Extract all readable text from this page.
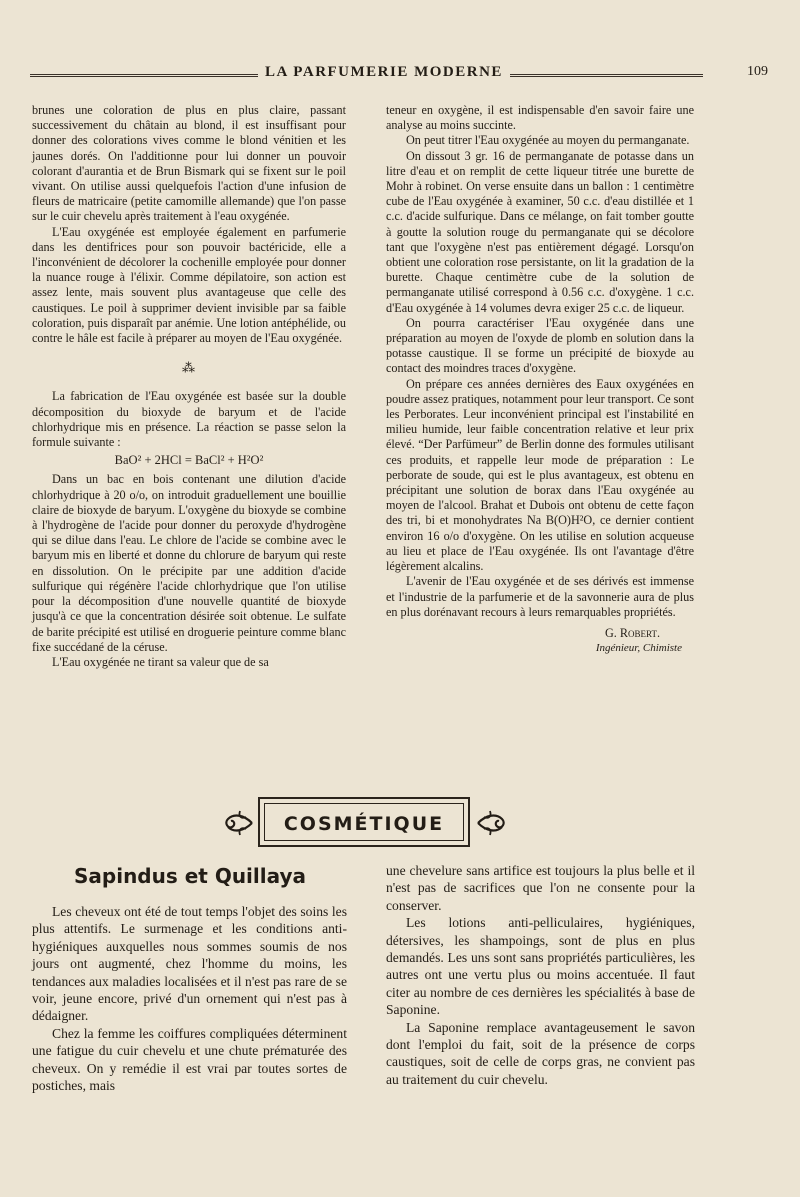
LA PARFUMERIE MODERNE	109

brunes une coloration de plus en plus claire, passant successivement du châtain au blond, il est insuffisant pour donner des colorations vives comme le blond vénitien et les jaunes dorés. On l'additionne pour lui donner un pouvoir colorant d'aurantia et de Brun Bismark qui se fixent sur le poil vivant. On utilise aussi quelquefois l'action d'une infusion de fleurs de matricaire (petite camomille allemande) que l'on passe sur le cuir chevelu après traitement à l'eau oxygénée.

L'Eau oxygénée est employée également en parfumerie dans les dentifrices pour son pouvoir bactéricide, elle a l'inconvénient de décolorer la cochenille employée pour donner la nuance rouge à l'élixir. Comme dépilatoire, son action est assez lente, mais souvent plus avantageuse que celle des caustiques. Le poil à supprimer devient invisible par sa faible coloration, puis disparaît par anémie. Une lotion antéphélide, ou contre le hâle est facile à préparer au moyen de l'Eau oxygénée.

⁂

La fabrication de l'Eau oxygénée est basée sur la double décomposition du bioxyde de baryum et de l'acide chlorhydrique mis en présence. La réaction se passe selon la formule suivante :

BaO² + 2HCl = BaCl² + H²O²

Dans un bac en bois contenant une dilution d'acide chlorhydrique à 20 o/o, on introduit graduellement une bouillie claire de bioxyde de baryum. L'oxygène du bioxyde se combine à l'hydrogène de l'acide pour donner du peroxyde d'hydrogène qui se dilue dans l'eau. Le chlore de l'acide se combine avec le baryum mis en liberté et donne du chlorure de baryum qui reste en dissolution. On le précipite par une addition d'acide sulfurique qui régénère l'acide chlorhydrique que l'on utilise pour la décomposition d'une nouvelle quantité de bioxyde jusqu'à ce que la concentration désirée soit obtenue. Le sulfate de barite précipité est utilisé en droguerie peinture comme blanc fixe succédané de la céruse.

L'Eau oxygénée ne tirant sa valeur que de sa

teneur en oxygène, il est indispensable d'en savoir faire une analyse au moins succinte.

On peut titrer l'Eau oxygénée au moyen du permanganate.

On dissout 3 gr. 16 de permanganate de potasse dans un litre d'eau et on remplit de cette liqueur titrée une burette de Mohr à robinet. On verse ensuite dans un ballon : 1 centimètre cube de l'Eau oxygénée à examiner, 50 c.c. d'eau distillée et 1 c.c. d'acide sulfurique. Dans ce mélange, on fait tomber goutte à goutte la solution rouge du permanganate qui se décolore tant que l'oxygène n'est pas entièrement dégagé. Lorsqu'on obtient une coloration rose persistante, on lit la gradation de la burette. Chaque centimètre cube de la solution de permanganate utilisé correspond à 0.56 c.c. d'oxygène. 1 c.c. d'Eau oxygénée à 14 volumes devra exiger 25 c.c. de liqueur.

On pourra caractériser l'Eau oxygénée dans une préparation au moyen de l'oxyde de plomb en solution dans la potasse caustique. Il se forme un précipité de bioxyde au contact des moindres traces d'oxygène.

On prépare ces années dernières des Eaux oxygénées en poudre assez pratiques, notamment pour leur transport. Ce sont les Perborates. Leur inconvénient principal est l'instabilité en milieu humide, leur faible concentration relative et leur prix élevé. “Der Parfümeur” de Berlin donne des formules utilisant ces produits, et rappelle leur mode de préparation : Le perborate de soude, qui est le plus avantageux, est obtenu en précipitant une solution de borax dans l'Eau oxygénée au moyen de l'alcool. Brahat et Dubois ont obtenu de cette façon des tri, bi et monohydrates Na B(O)H²O, ce dernier contient environ 16 o/o d'oxygène. On les utilise en solution acqueuse au lieu et place de l'Eau oxygénée. Ils ont l'avantage d'être légèrement alcalins.

L'avenir de l'Eau oxygénée et de ses dérivés est immense et l'industrie de la parfumerie et de la savonnerie aura de plus en plus dorénavant recours à leurs remarquables propriétés.

G. Robert.
Ingénieur, Chimiste
COSMÉTIQUE
Sapindus et Quillaya

Les cheveux ont été de tout temps l'objet des soins les plus attentifs. Le surmenage et les conditions anti-hygiéniques auxquelles nous sommes soumis de nos jours ont augmenté, chez l'homme du moins, les tendances aux maladies localisées et il n'est pas rare de se voir, jeune encore, privé d'un ornement qui n'est pas à dédaigner.

Chez la femme les coiffures compliquées déterminent une fatigue du cuir chevelu et une chute prématurée des cheveux. On y remédie il est vrai par toutes sortes de postiches, mais

une chevelure sans artifice est toujours la plus belle et il n'est pas de sacrifices que l'on ne consente pour la conserver.

Les lotions anti-pelliculaires, hygiéniques, détersives, les shampoings, sont de plus en plus demandés. Les uns sont sans propriétés particulières, les autres ont une vertu plus ou moins accentuée. Il faut citer au nombre de ces dernières les spécialités à base de Saponine.

La Saponine remplace avantageusement le savon dont l'emploi du fait, soit de la présence de corps caustiques, soit de celle de corps gras, ne convient pas au traitement du cuir chevelu.
